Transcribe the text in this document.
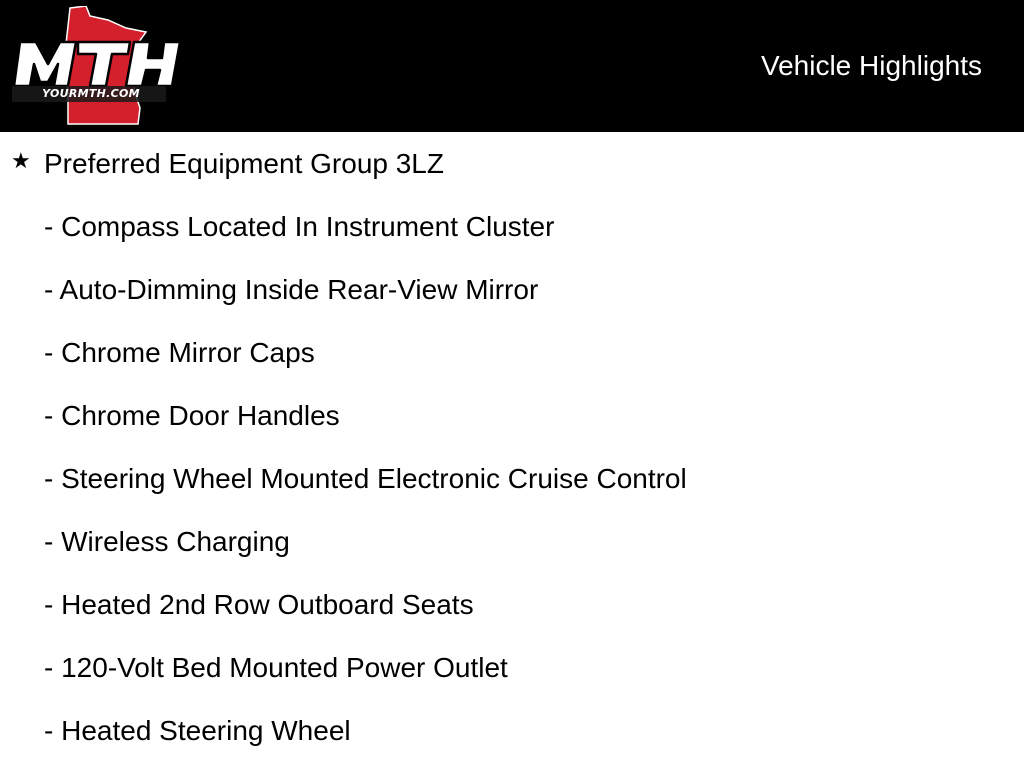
YOURMTH.COM
Vehicle Highlights
★ Preferred Equipment Group 3LZ
- Compass Located In Instrument Cluster
- Auto-Dimming Inside Rear-View Mirror
- Chrome Mirror Caps
- Chrome Door Handles
- Steering Wheel Mounted Electronic Cruise Control
- Wireless Charging
- Heated 2nd Row Outboard Seats
- 120-Volt Bed Mounted Power Outlet
- Heated Steering Wheel
